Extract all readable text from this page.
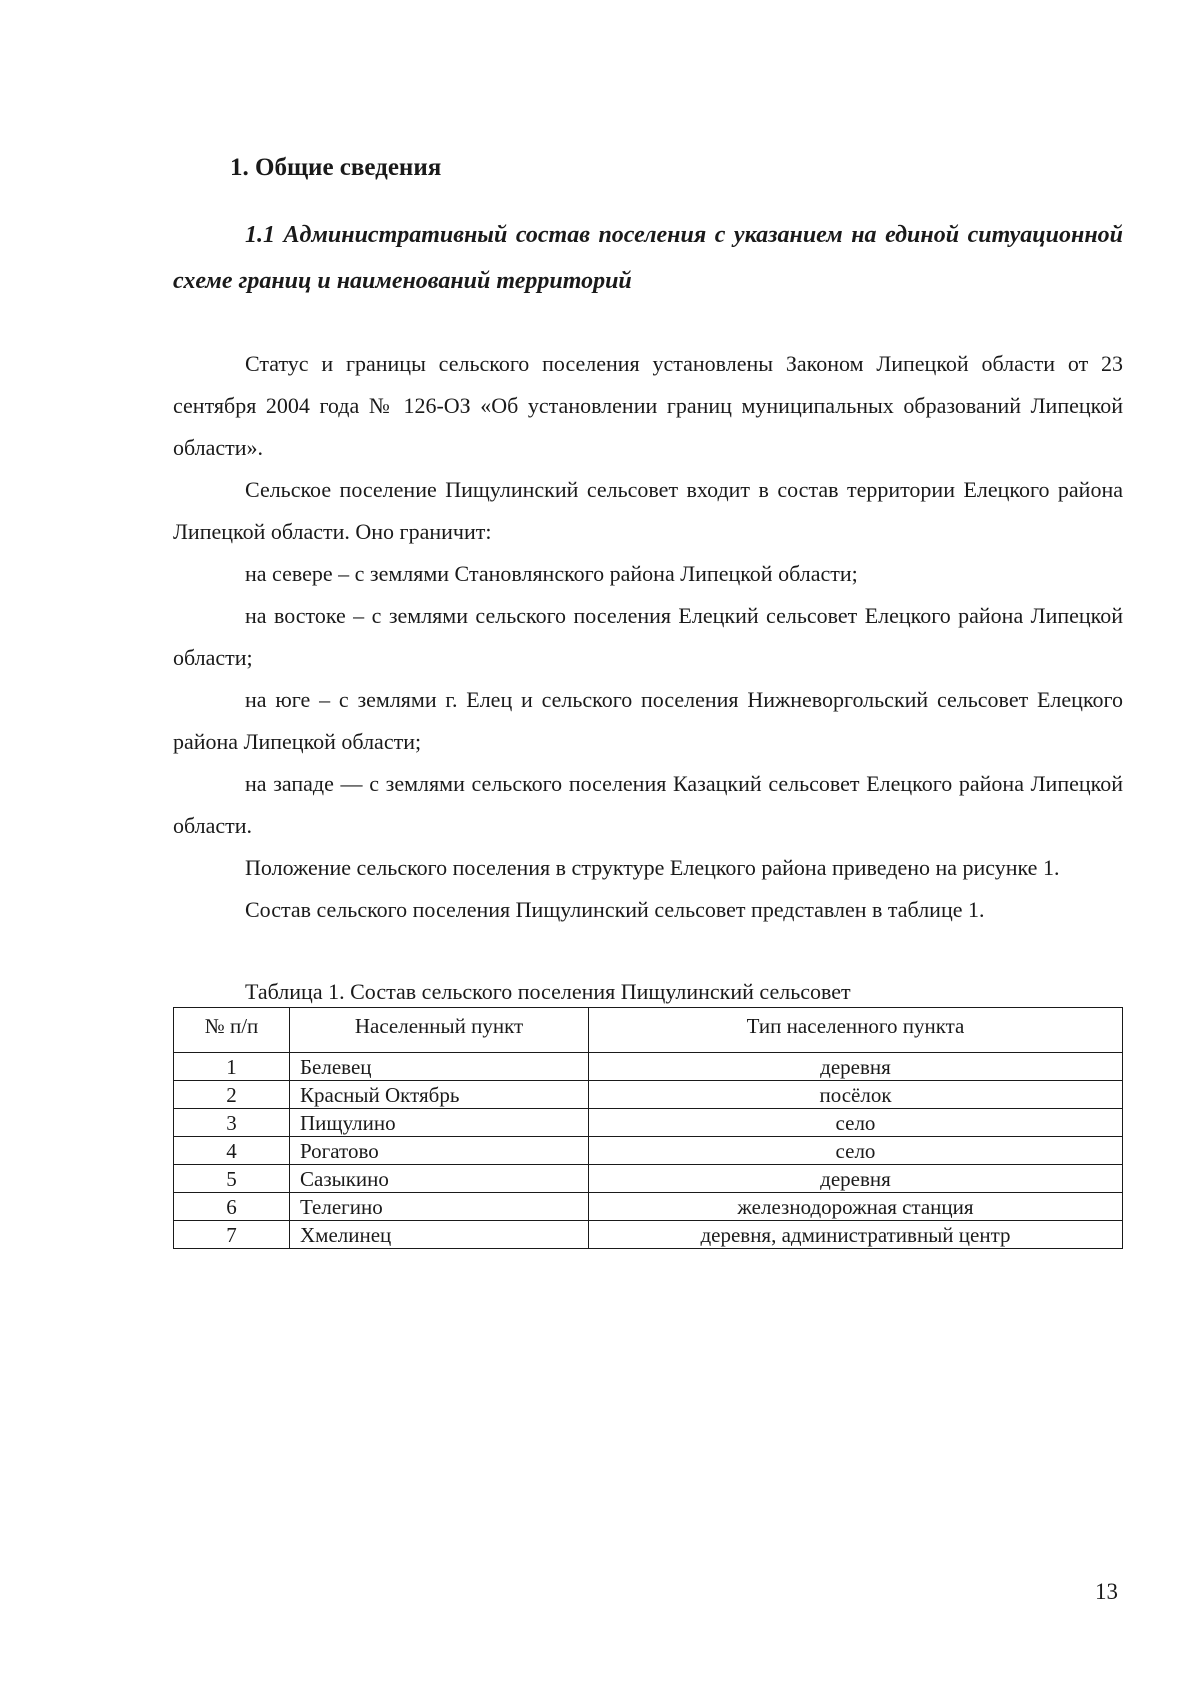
1. Общие сведения
1.1 Административный состав поселения с указанием на единой ситуационной схеме границ и наименований территорий

Статус и границы сельского поселения установлены Законом Липецкой области от 23 сентября 2004 года № 126-ОЗ «Об установлении границ муниципальных образований Липецкой области».

Сельское поселение Пищулинский сельсовет входит в состав территории Елецкого района Липецкой области. Оно граничит:

на севере – с землями Становлянского района Липецкой области;

на востоке – с землями сельского поселения Елецкий сельсовет Елецкого района Липецкой области;

на юге – с землями г. Елец и сельского поселения Нижневоргольский сельсовет Елецкого района Липецкой области;

на западе — с землями сельского поселения Казацкий сельсовет Елецкого района Липецкой области.

Положение сельского поселения в структуре Елецкого района приведено на рисунке 1.

Состав сельского поселения Пищулинский сельсовет представлен в таблице 1.

Таблица 1. Состав сельского поселения Пищулинский сельсовет

№ п/п	Населенный пункт	Тип населенного пункта
1	Белевец	деревня
2	Красный Октябрь	посёлок
3	Пищулино	село
4	Рогатово	село
5	Сазыкино	деревня
6	Телегино	железнодорожная станция
7	Хмелинец	деревня, административный центр

13
